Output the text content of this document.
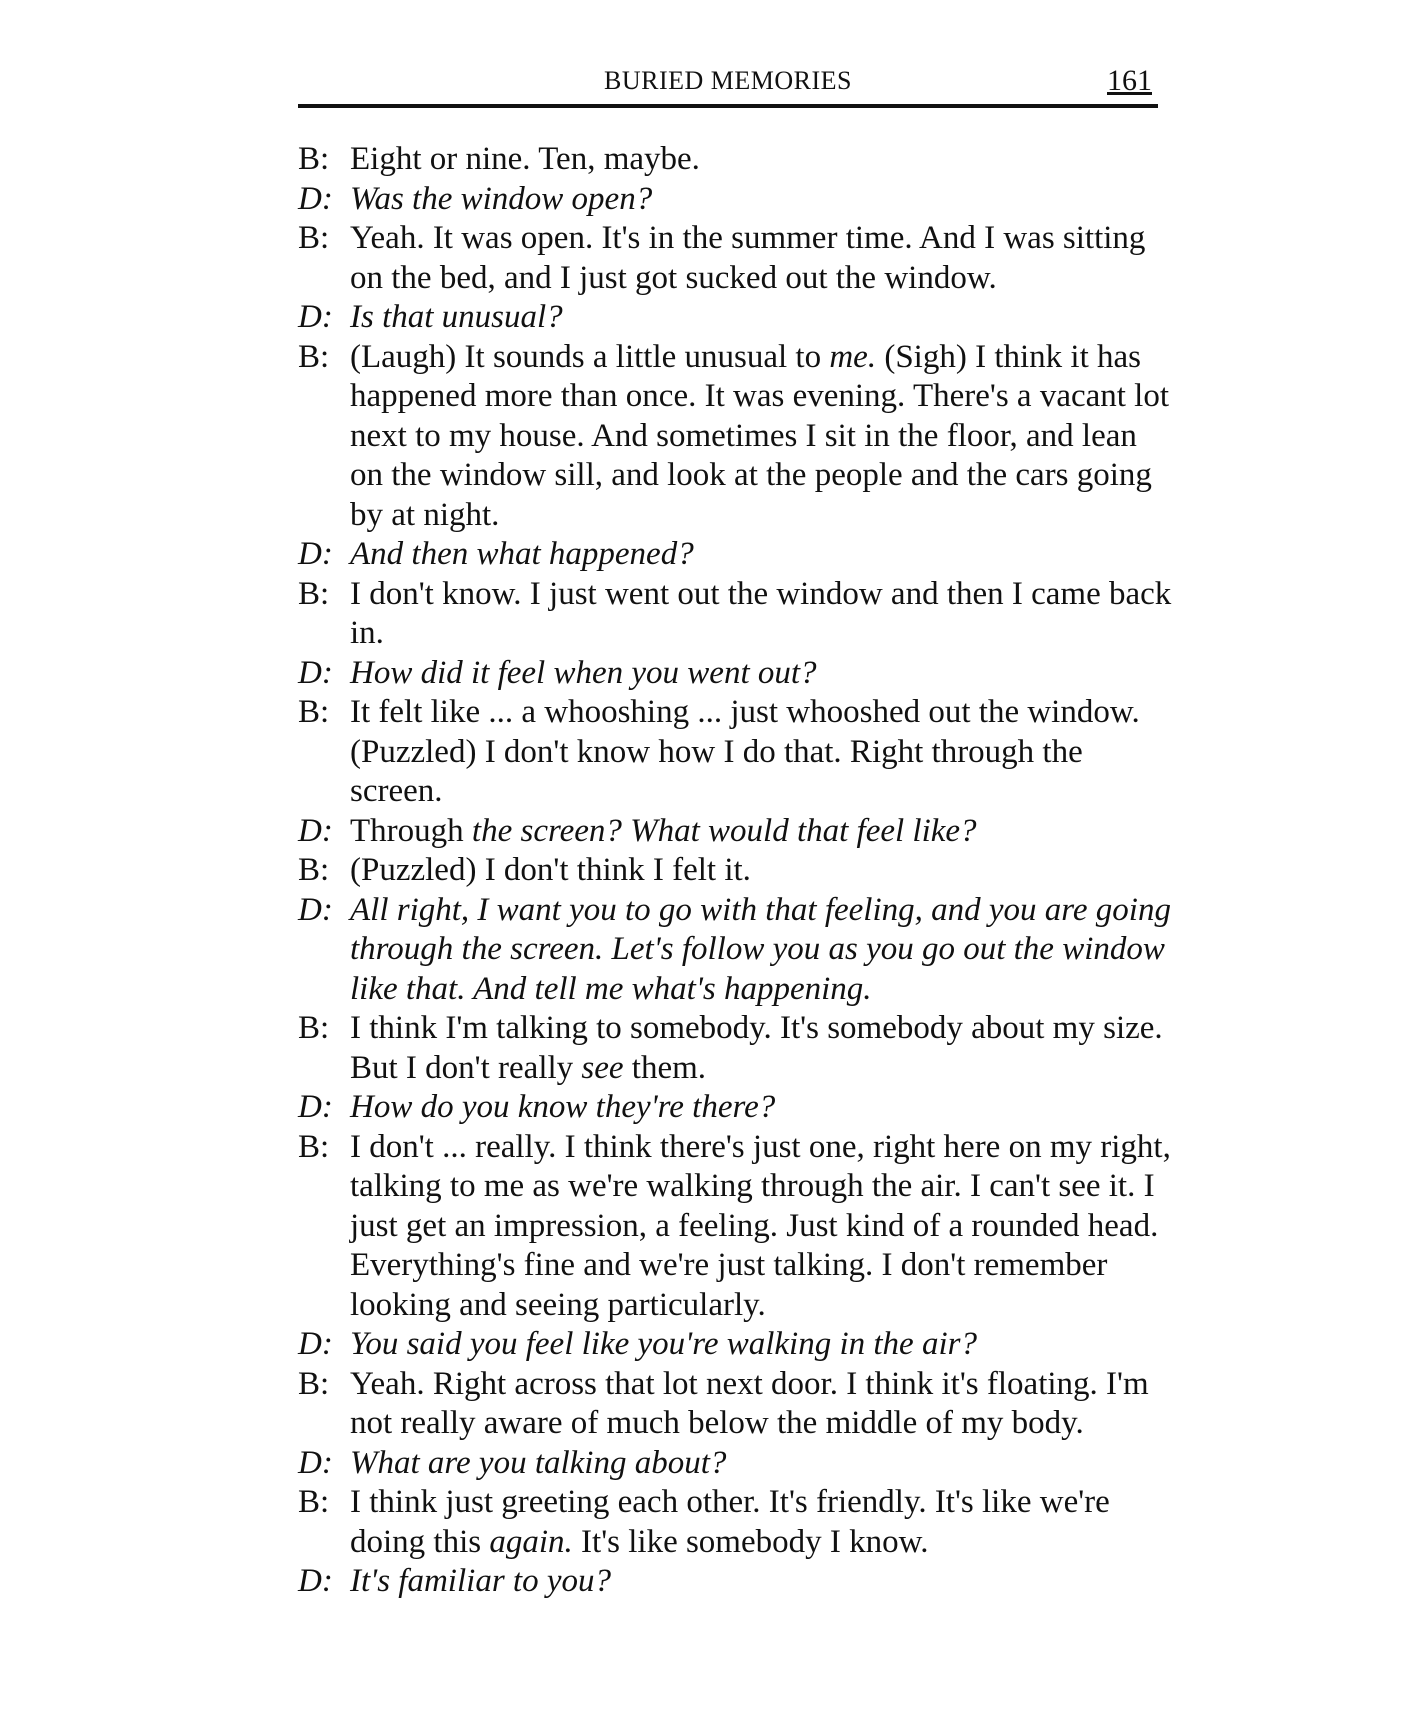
BURIED MEMORIES	161

B: Eight or nine. Ten, maybe.

D: Was the window open?

B: Yeah. It was open. It's in the summer time. And I was sitting on the bed, and I just got sucked out the window.

D: Is that unusual?

B: (Laugh) It sounds a little unusual to me. (Sigh) I think it has happened more than once. It was evening. There's a vacant lot next to my house. And sometimes I sit in the floor, and lean on the window sill, and look at the people and the cars going by at night.

D: And then what happened?

B: I don't know. I just went out the window and then I came back in.

D: How did it feel when you went out?

B: It felt like ... a whooshing ... just whooshed out the window. (Puzzled) I don't know how I do that. Right through the screen.

D: Through the screen? What would that feel like?

B: (Puzzled) I don't think I felt it.

D: All right, I want you to go with that feeling, and you are going through the screen. Let's follow you as you go out the window like that. And tell me what's happening.

B: I think I'm talking to somebody. It's somebody about my size. But I don't really see them.

D: How do you know they're there?

B: I don't ... really. I think there's just one, right here on my right, talking to me as we're walking through the air. I can't see it. I just get an impression, a feeling. Just kind of a rounded head. Everything's fine and we're just talking. I don't remember looking and seeing particularly.

D: You said you feel like you're walking in the air?

B: Yeah. Right across that lot next door. I think it's floating. I'm not really aware of much below the middle of my body.

D: What are you talking about?

B: I think just greeting each other. It's friendly. It's like we're doing this again. It's like somebody I know.

D: It's familiar to you?
